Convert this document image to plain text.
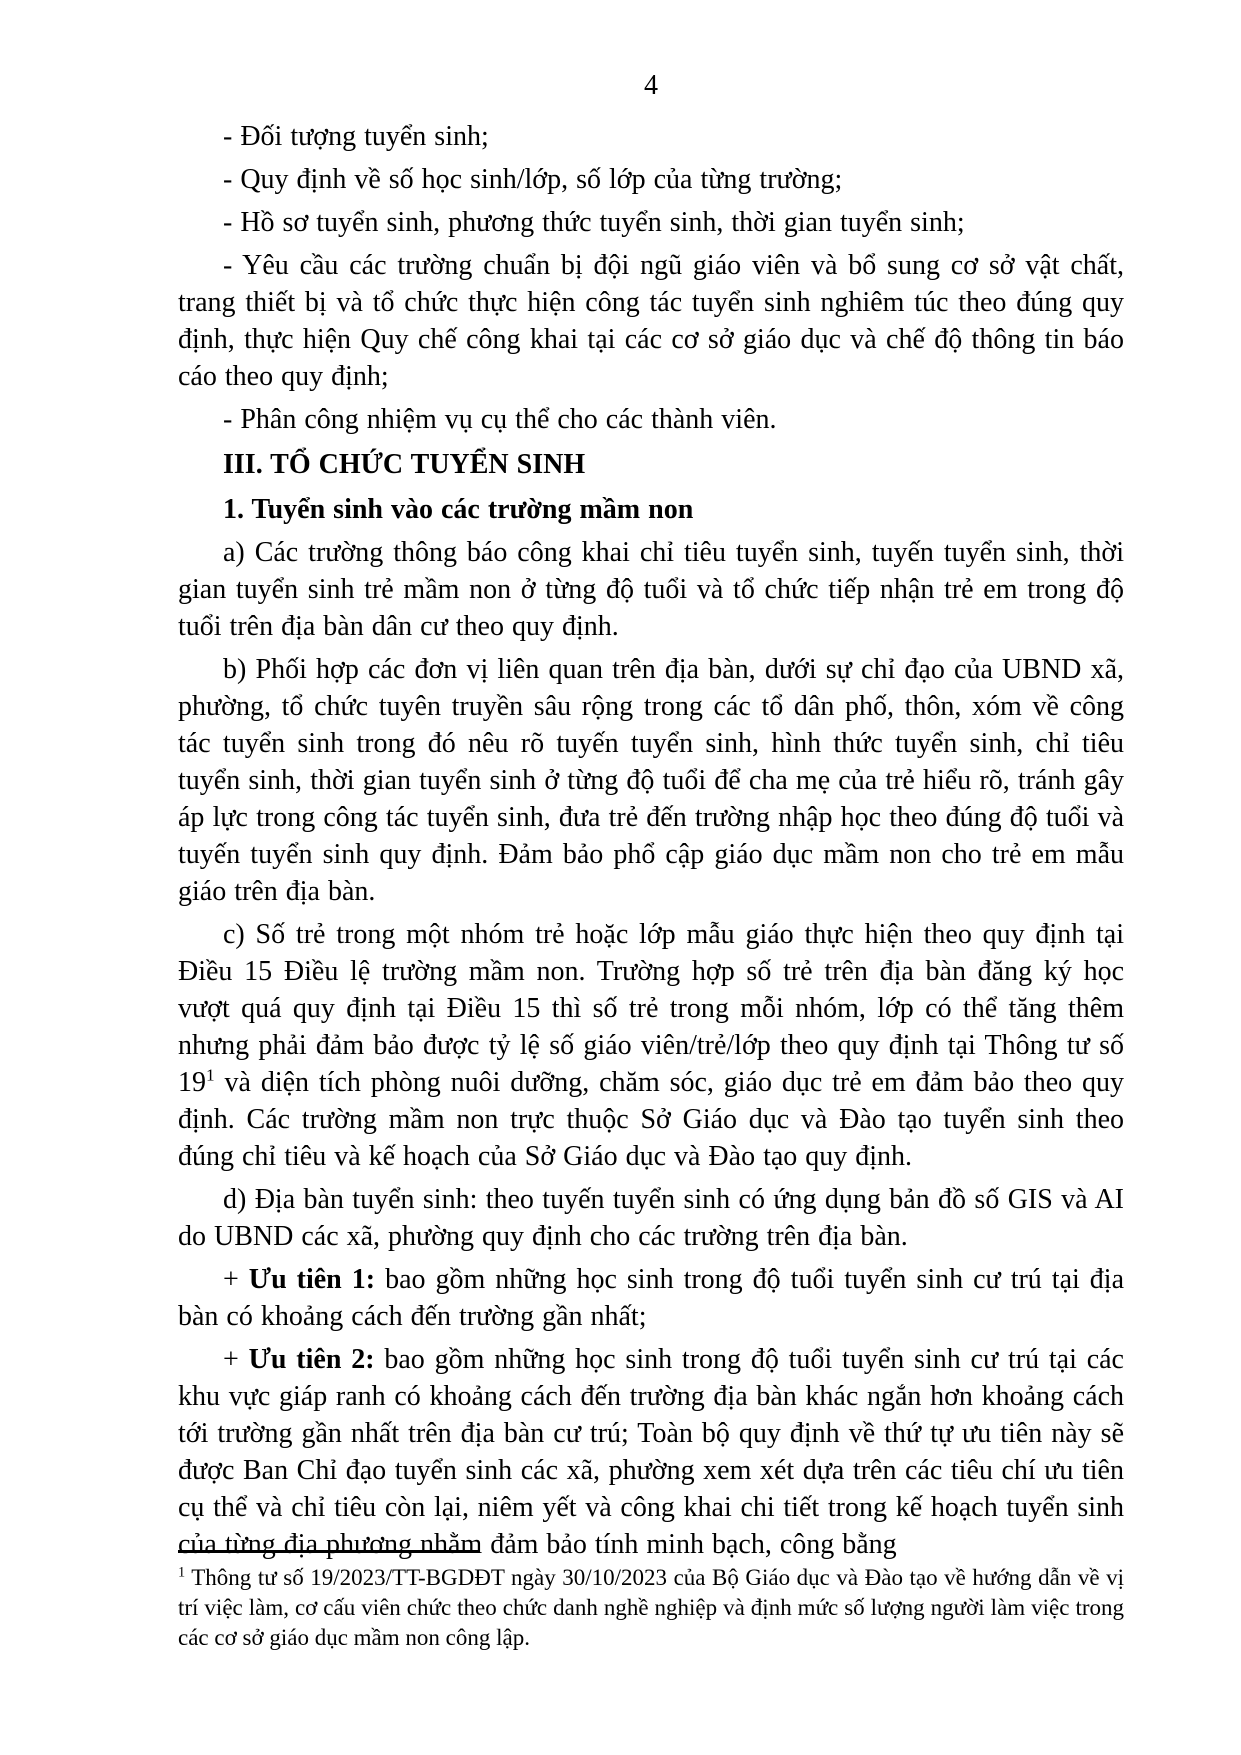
4

- Đối tượng tuyển sinh;

- Quy định về số học sinh/lớp, số lớp của từng trường;

- Hồ sơ tuyển sinh, phương thức tuyển sinh, thời gian tuyển sinh;

- Yêu cầu các trường chuẩn bị đội ngũ giáo viên và bổ sung cơ sở vật chất, trang thiết bị và tổ chức thực hiện công tác tuyển sinh nghiêm túc theo đúng quy định, thực hiện Quy chế công khai tại các cơ sở giáo dục và chế độ thông tin báo cáo theo quy định;

- Phân công nhiệm vụ cụ thể cho các thành viên.

III. TỔ CHỨC TUYỂN SINH

1. Tuyển sinh vào các trường mầm non

a) Các trường thông báo công khai chỉ tiêu tuyển sinh, tuyến tuyển sinh, thời gian tuyển sinh trẻ mầm non ở từng độ tuổi và tổ chức tiếp nhận trẻ em trong độ tuổi trên địa bàn dân cư theo quy định.

b) Phối hợp các đơn vị liên quan trên địa bàn, dưới sự chỉ đạo của UBND xã, phường, tổ chức tuyên truyền sâu rộng trong các tổ dân phố, thôn, xóm về công tác tuyển sinh trong đó nêu rõ tuyến tuyển sinh, hình thức tuyển sinh, chỉ tiêu tuyển sinh, thời gian tuyển sinh ở từng độ tuổi để cha mẹ của trẻ hiểu rõ, tránh gây áp lực trong công tác tuyển sinh, đưa trẻ đến trường nhập học theo đúng độ tuổi và tuyến tuyển sinh quy định. Đảm bảo phổ cập giáo dục mầm non cho trẻ em mẫu giáo trên địa bàn.

c) Số trẻ trong một nhóm trẻ hoặc lớp mẫu giáo thực hiện theo quy định tại Điều 15 Điều lệ trường mầm non. Trường hợp số trẻ trên địa bàn đăng ký học vượt quá quy định tại Điều 15 thì số trẻ trong mỗi nhóm, lớp có thể tăng thêm nhưng phải đảm bảo được tỷ lệ số giáo viên/trẻ/lớp theo quy định tại Thông tư số 19$^1$ và diện tích phòng nuôi dưỡng, chăm sóc, giáo dục trẻ em đảm bảo theo quy định. Các trường mầm non trực thuộc Sở Giáo dục và Đào tạo tuyển sinh theo đúng chỉ tiêu và kế hoạch của Sở Giáo dục và Đào tạo quy định.

d) Địa bàn tuyển sinh: theo tuyến tuyển sinh có ứng dụng bản đồ số GIS và AI do UBND các xã, phường quy định cho các trường trên địa bàn.

+ Ưu tiên 1: bao gồm những học sinh trong độ tuổi tuyển sinh cư trú tại địa bàn có khoảng cách đến trường gần nhất;

+ Ưu tiên 2: bao gồm những học sinh trong độ tuổi tuyển sinh cư trú tại các khu vực giáp ranh có khoảng cách đến trường địa bàn khác ngắn hơn khoảng cách tới trường gần nhất trên địa bàn cư trú; Toàn bộ quy định về thứ tự ưu tiên này sẽ được Ban Chỉ đạo tuyển sinh các xã, phường xem xét dựa trên các tiêu chí ưu tiên cụ thể và chỉ tiêu còn lại, niêm yết và công khai chi tiết trong kế hoạch tuyển sinh của từng địa phương nhằm đảm bảo tính minh bạch, công bằng

$^1$ Thông tư số 19/2023/TT-BGDĐT ngày 30/10/2023 của Bộ Giáo dục và Đào tạo về hướng dẫn về vị trí việc làm, cơ cấu viên chức theo chức danh nghề nghiệp và định mức số lượng người làm việc trong các cơ sở giáo dục mầm non công lập.
